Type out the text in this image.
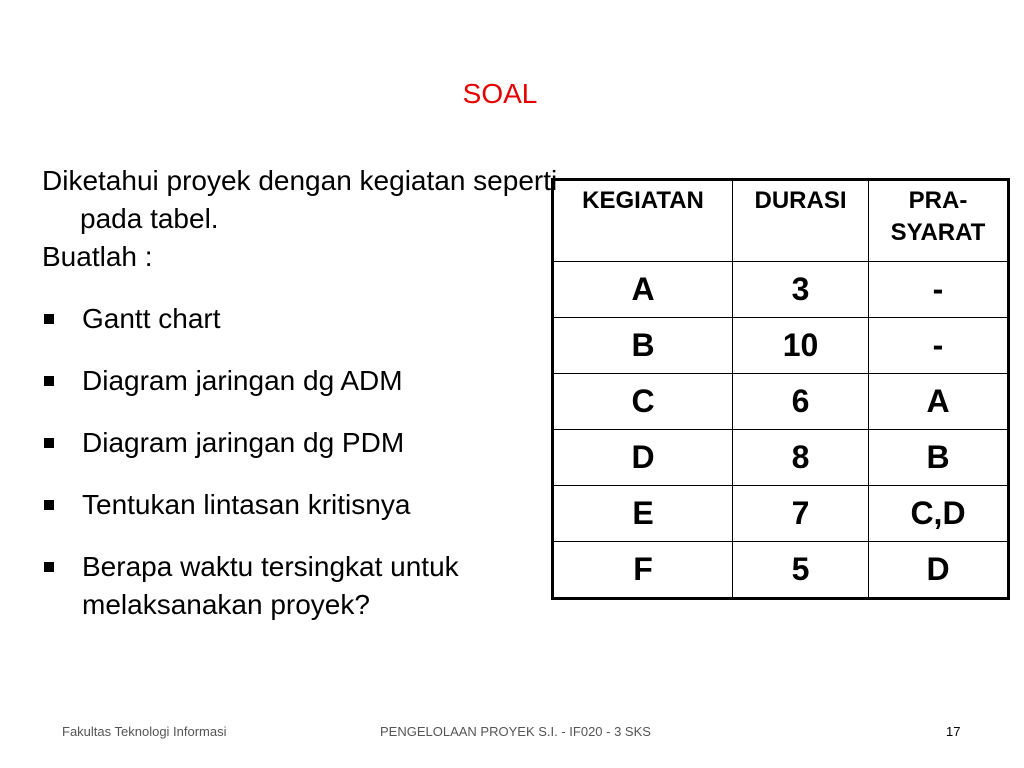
SOAL
Diketahui proyek dengan kegiatan seperti pada tabel.
Buatlah :
Gantt chart
Diagram jaringan dg ADM
Diagram jaringan dg PDM
Tentukan lintasan kritisnya
Berapa waktu tersingkat untuk melaksanakan proyek?
KEGIATAN	DURASI	PRA-SYARAT
A	3	-
B	10	-
C	6	A
D	8	B
E	7	C,D
F	5	D
Fakultas Teknologi Informasi	PENGELOLAAN PROYEK S.I. - IF020 - 3 SKS	17
